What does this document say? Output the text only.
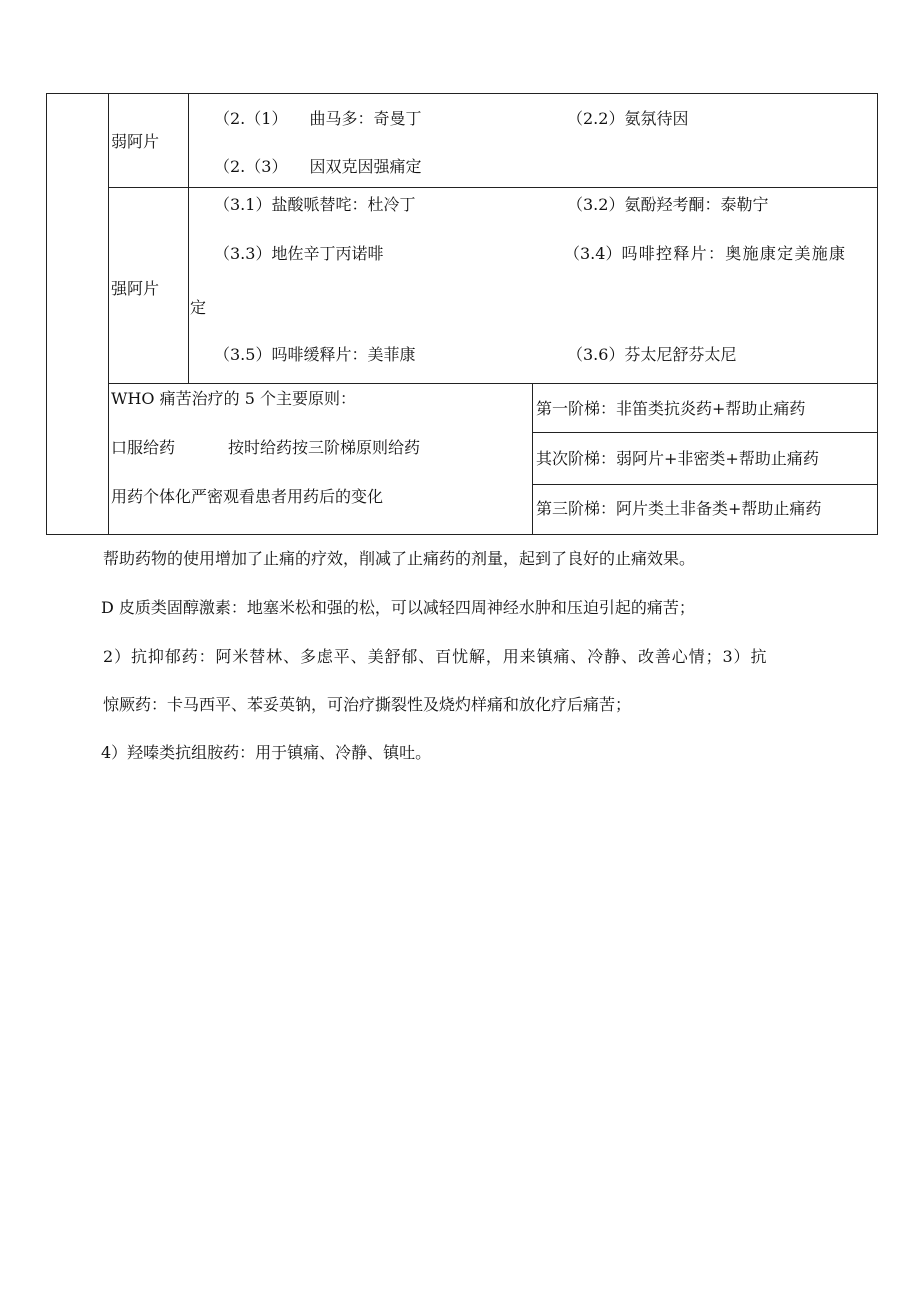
弱阿片
（2.（1） 曲马多：奇曼丁	（2.2）氨氛待因
（2.（3） 因双克因强痛定
强阿片
（3.1）盐酸哌替咤：杜冷丁	（3.2）氨酚羟考酮：泰勒宁
（3.3）地佐辛丁丙诺啡	（3.4）吗啡控释片：奥施康定美施康
定
（3.5）吗啡缓释片：美菲康	（3.6）芬太尼舒芬太尼
WHO 痛苦治疗的 5 个主要原则：
口服给药	按时给药按三阶梯原则给药
用药个体化严密观看患者用药后的变化
第一阶梯：非笛类抗炎药+帮助止痛药
其次阶梯：弱阿片+非密类+帮助止痛药
第三阶梯：阿片类土非备类+帮助止痛药
帮助药物的使用增加了止痛的疗效，削减了止痛药的剂量，起到了良好的止痛效果。
D 皮质类固醇激素：地塞米松和强的松，可以减轻四周神经水肿和压迫引起的痛苦；
2）抗抑郁药：阿米替林、多虑平、美舒郁、百忧解，用来镇痛、冷静、改善心情；3）抗
惊厥药：卡马西平、苯妥英钠，可治疗撕裂性及烧灼样痛和放化疗后痛苦；
4）羟嗪类抗组胺药：用于镇痛、冷静、镇吐。
